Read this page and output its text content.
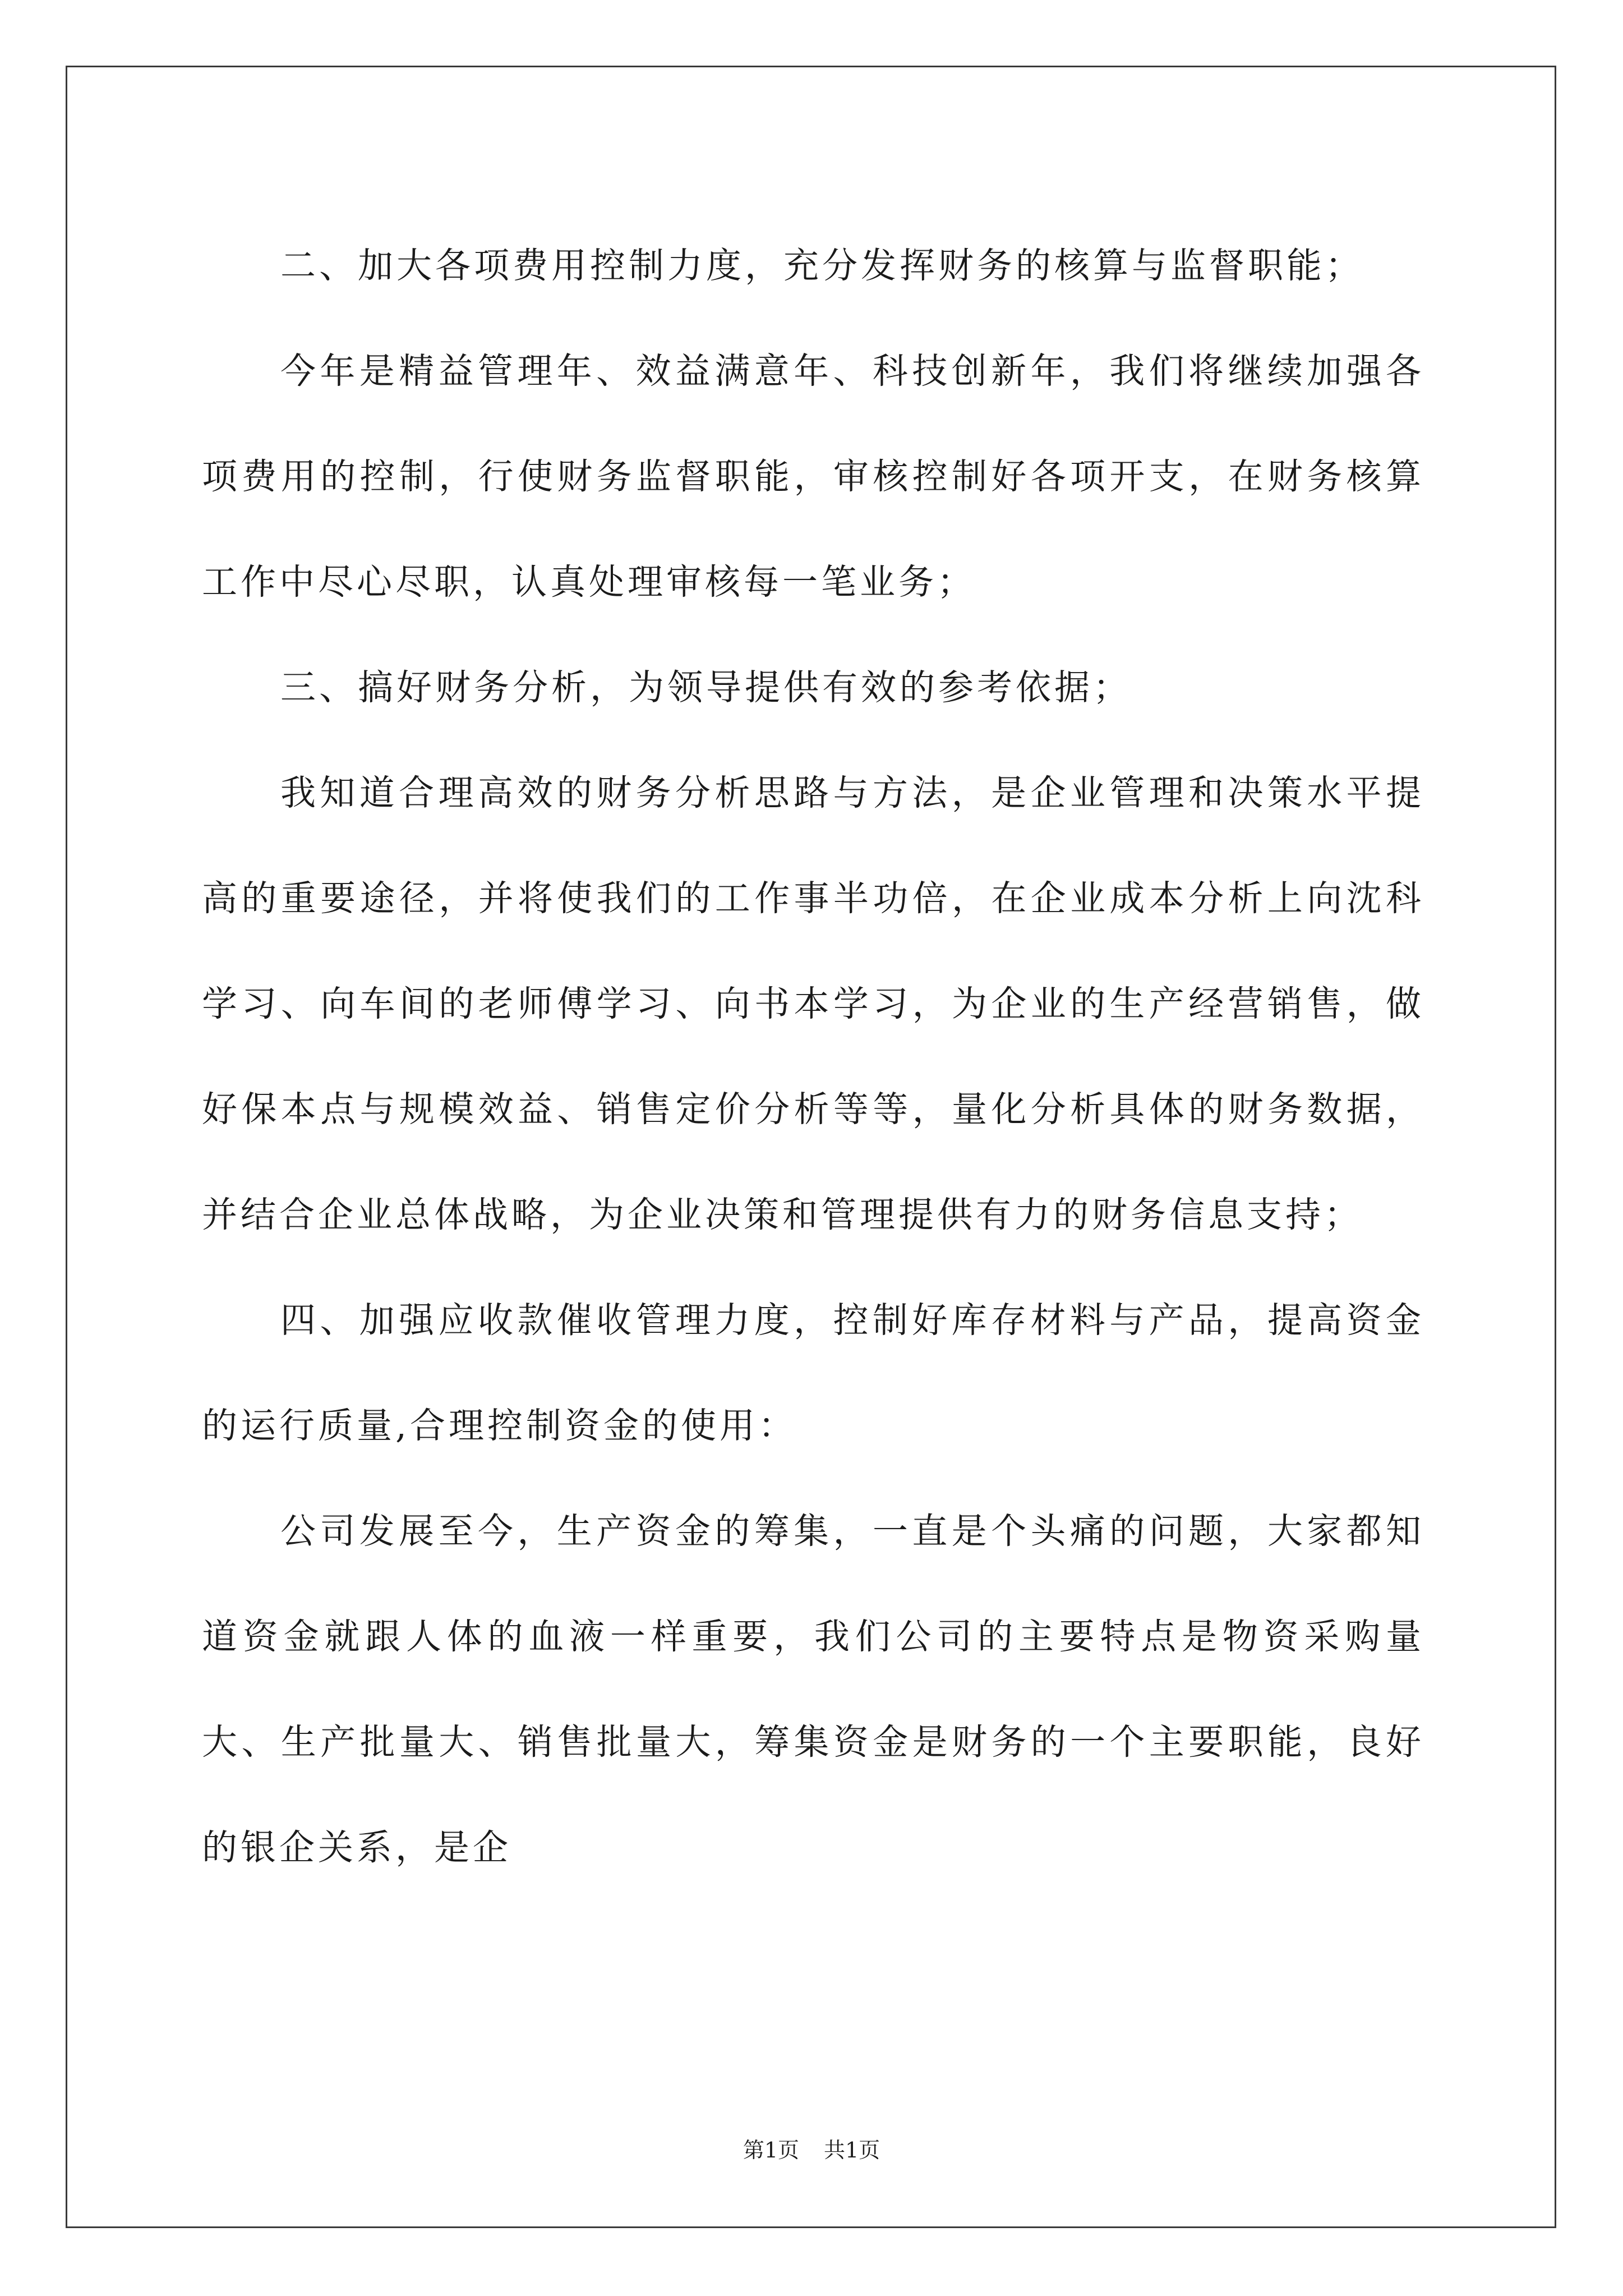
二、加大各项费用控制力度，充分发挥财务的核算与监督职能；

今年是精益管理年、效益满意年、科技创新年，我们将继续加强各项费用的控制，行使财务监督职能，审核控制好各项开支，在财务核算工作中尽心尽职，认真处理审核每一笔业务；

三、搞好财务分析，为领导提供有效的参考依据；

我知道合理高效的财务分析思路与方法，是企业管理和决策水平提高的重要途径，并将使我们的工作事半功倍，在企业成本分析上向沈科学习、向车间的老师傅学习、向书本学习，为企业的生产经营销售，做好保本点与规模效益、销售定价分析等等，量化分析具体的财务数据，并结合企业总体战略，为企业决策和管理提供有力的财务信息支持；

四、加强应收款催收管理力度，控制好库存材料与产品，提高资金的运行质量,合理控制资金的使用：

公司发展至今，生产资金的筹集，一直是个头痛的问题，大家都知道资金就跟人体的血液一样重要，我们公司的主要特点是物资采购量大、生产批量大、销售批量大，筹集资金是财务的一个主要职能，良好的银企关系，是企

第1页 共1页
